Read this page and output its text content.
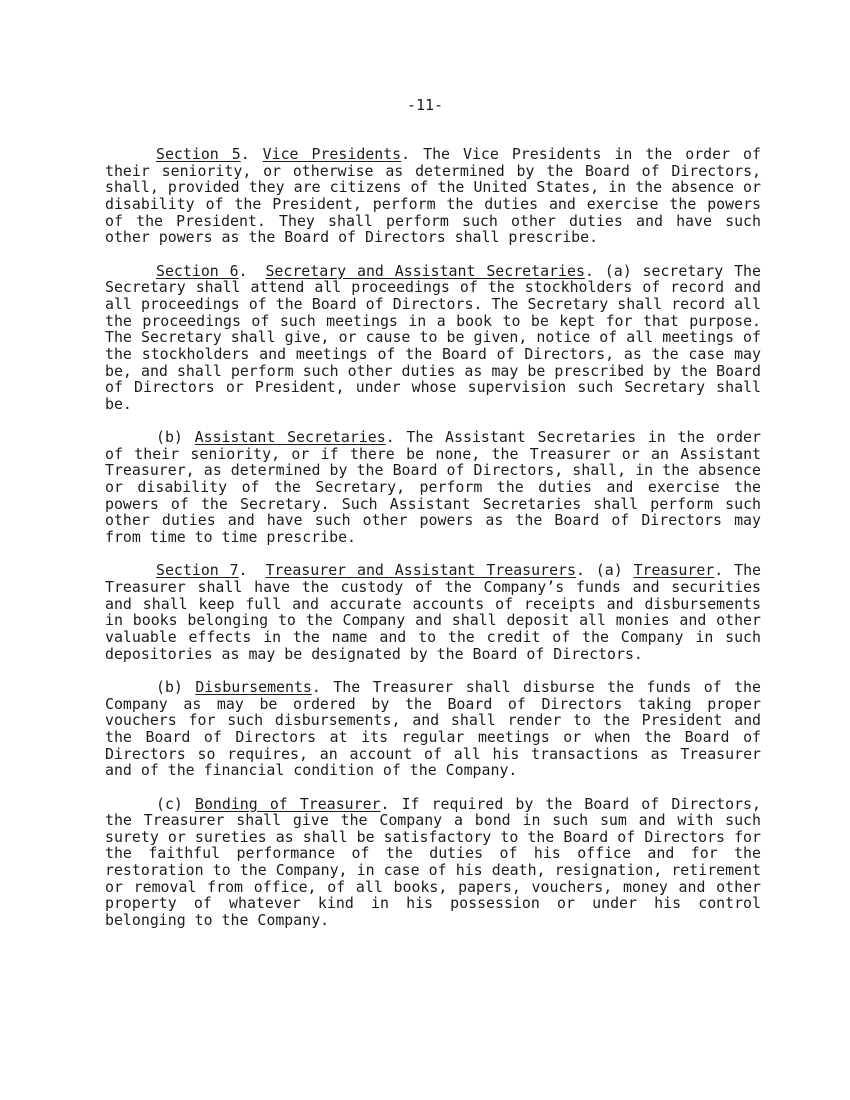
-11-

Section 5. Vice Presidents. The Vice Presidents in the order of their seniority, or otherwise as determined by the Board of Directors, shall, provided they are citizens of the United States, in the absence or disability of the President, perform the duties and exercise the powers of the President. They shall perform such other duties and have such other powers as the Board of Directors shall prescribe.

Section 6. Secretary and Assistant Secretaries. (a) secretary The Secretary shall attend all proceedings of the stockholders of record and all proceedings of the Board of Directors. The Secretary shall record all the proceedings of such meetings in a book to be kept for that purpose. The Secretary shall give, or cause to be given, notice of all meetings of the stockholders and meetings of the Board of Directors, as the case may be, and shall perform such other duties as may be prescribed by the Board of Directors or President, under whose supervision such Secretary shall be.

(b) Assistant Secretaries. The Assistant Secretaries in the order of their seniority, or if there be none, the Treasurer or an Assistant Treasurer, as determined by the Board of Directors, shall, in the absence or disability of the Secretary, perform the duties and exercise the powers of the Secretary. Such Assistant Secretaries shall perform such other duties and have such other powers as the Board of Directors may from time to time prescribe.

Section 7. Treasurer and Assistant Treasurers. (a) Treasurer. The Treasurer shall have the custody of the Company’s funds and securities and shall keep full and accurate accounts of receipts and disbursements in books belonging to the Company and shall deposit all monies and other valuable effects in the name and to the credit of the Company in such depositories as may be designated by the Board of Directors.

(b) Disbursements. The Treasurer shall disburse the funds of the Company as may be ordered by the Board of Directors taking proper vouchers for such disbursements, and shall render to the President and the Board of Directors at its regular meetings or when the Board of Directors so requires, an account of all his transactions as Treasurer and of the financial condition of the Company.

(c) Bonding of Treasurer. If required by the Board of Directors, the Treasurer shall give the Company a bond in such sum and with such surety or sureties as shall be satisfactory to the Board of Directors for the faithful performance of the duties of his office and for the restoration to the Company, in case of his death, resignation, retirement or removal from office, of all books, papers, vouchers, money and other property of whatever kind in his possession or under his control belonging to the Company.
